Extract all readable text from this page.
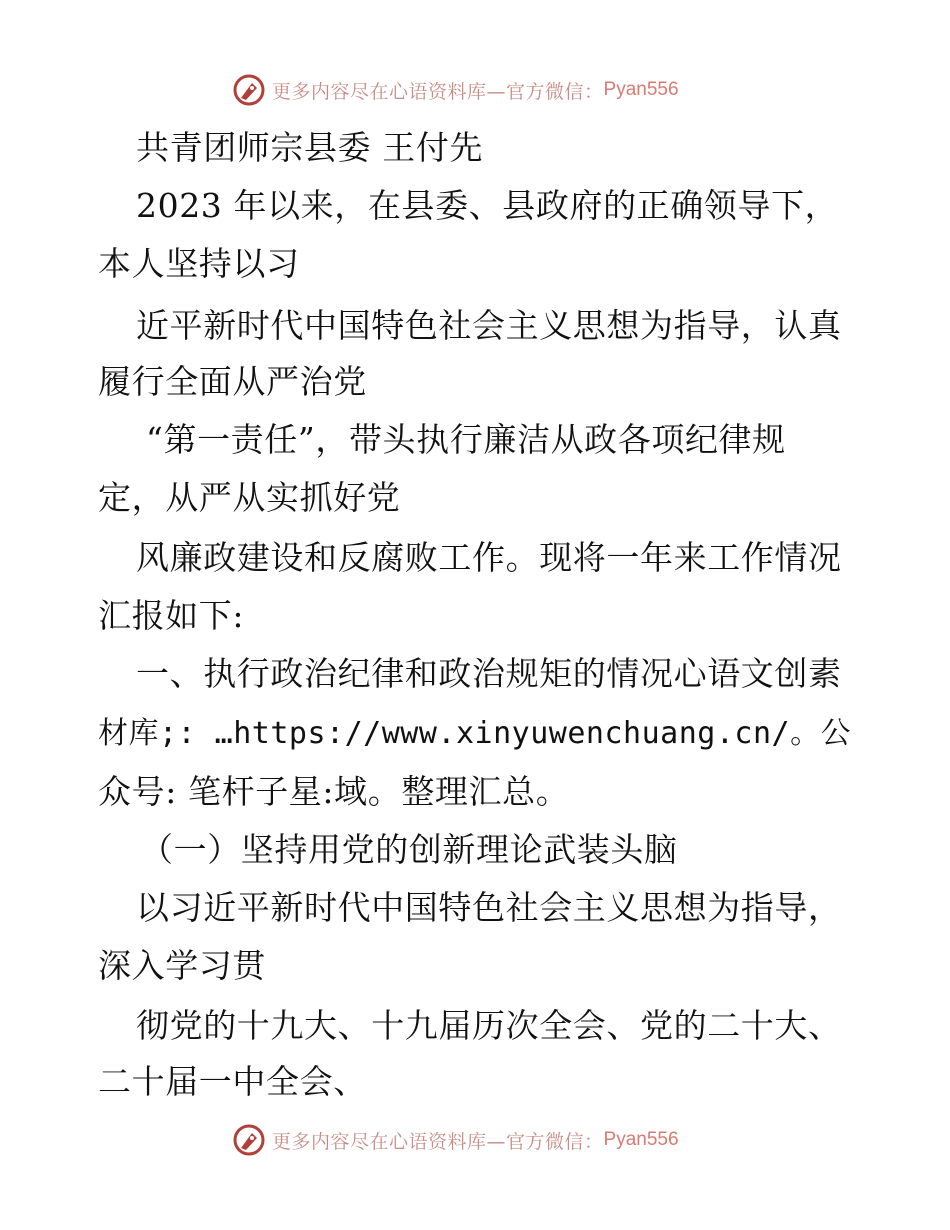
更多内容尽在心语资料库—官方微信： Pyan556
共青团师宗县委 王付先
2023 年以来，在县委、县政府的正确领导下，
本人坚持以习
近平新时代中国特色社会主义思想为指导，认真
履行全面从严治党
“第一责任”，带头执行廉洁从政各项纪律规
定，从严从实抓好党
风廉政建设和反腐败工作。现将一年来工作情况
汇报如下:
一、执行政治纪律和政治规矩的情况心语文创素
材库;: …https://www.xinyuwenchuang.cn/。公
众号: 笔杆子星:域。整理汇总。
（一）坚持用党的创新理论武装头脑
以习近平新时代中国特色社会主义思想为指导，
深入学习贯
彻党的十九大、十九届历次全会、党的二十大、
二十届一中全会、
更多内容尽在心语资料库—官方微信： Pyan556
